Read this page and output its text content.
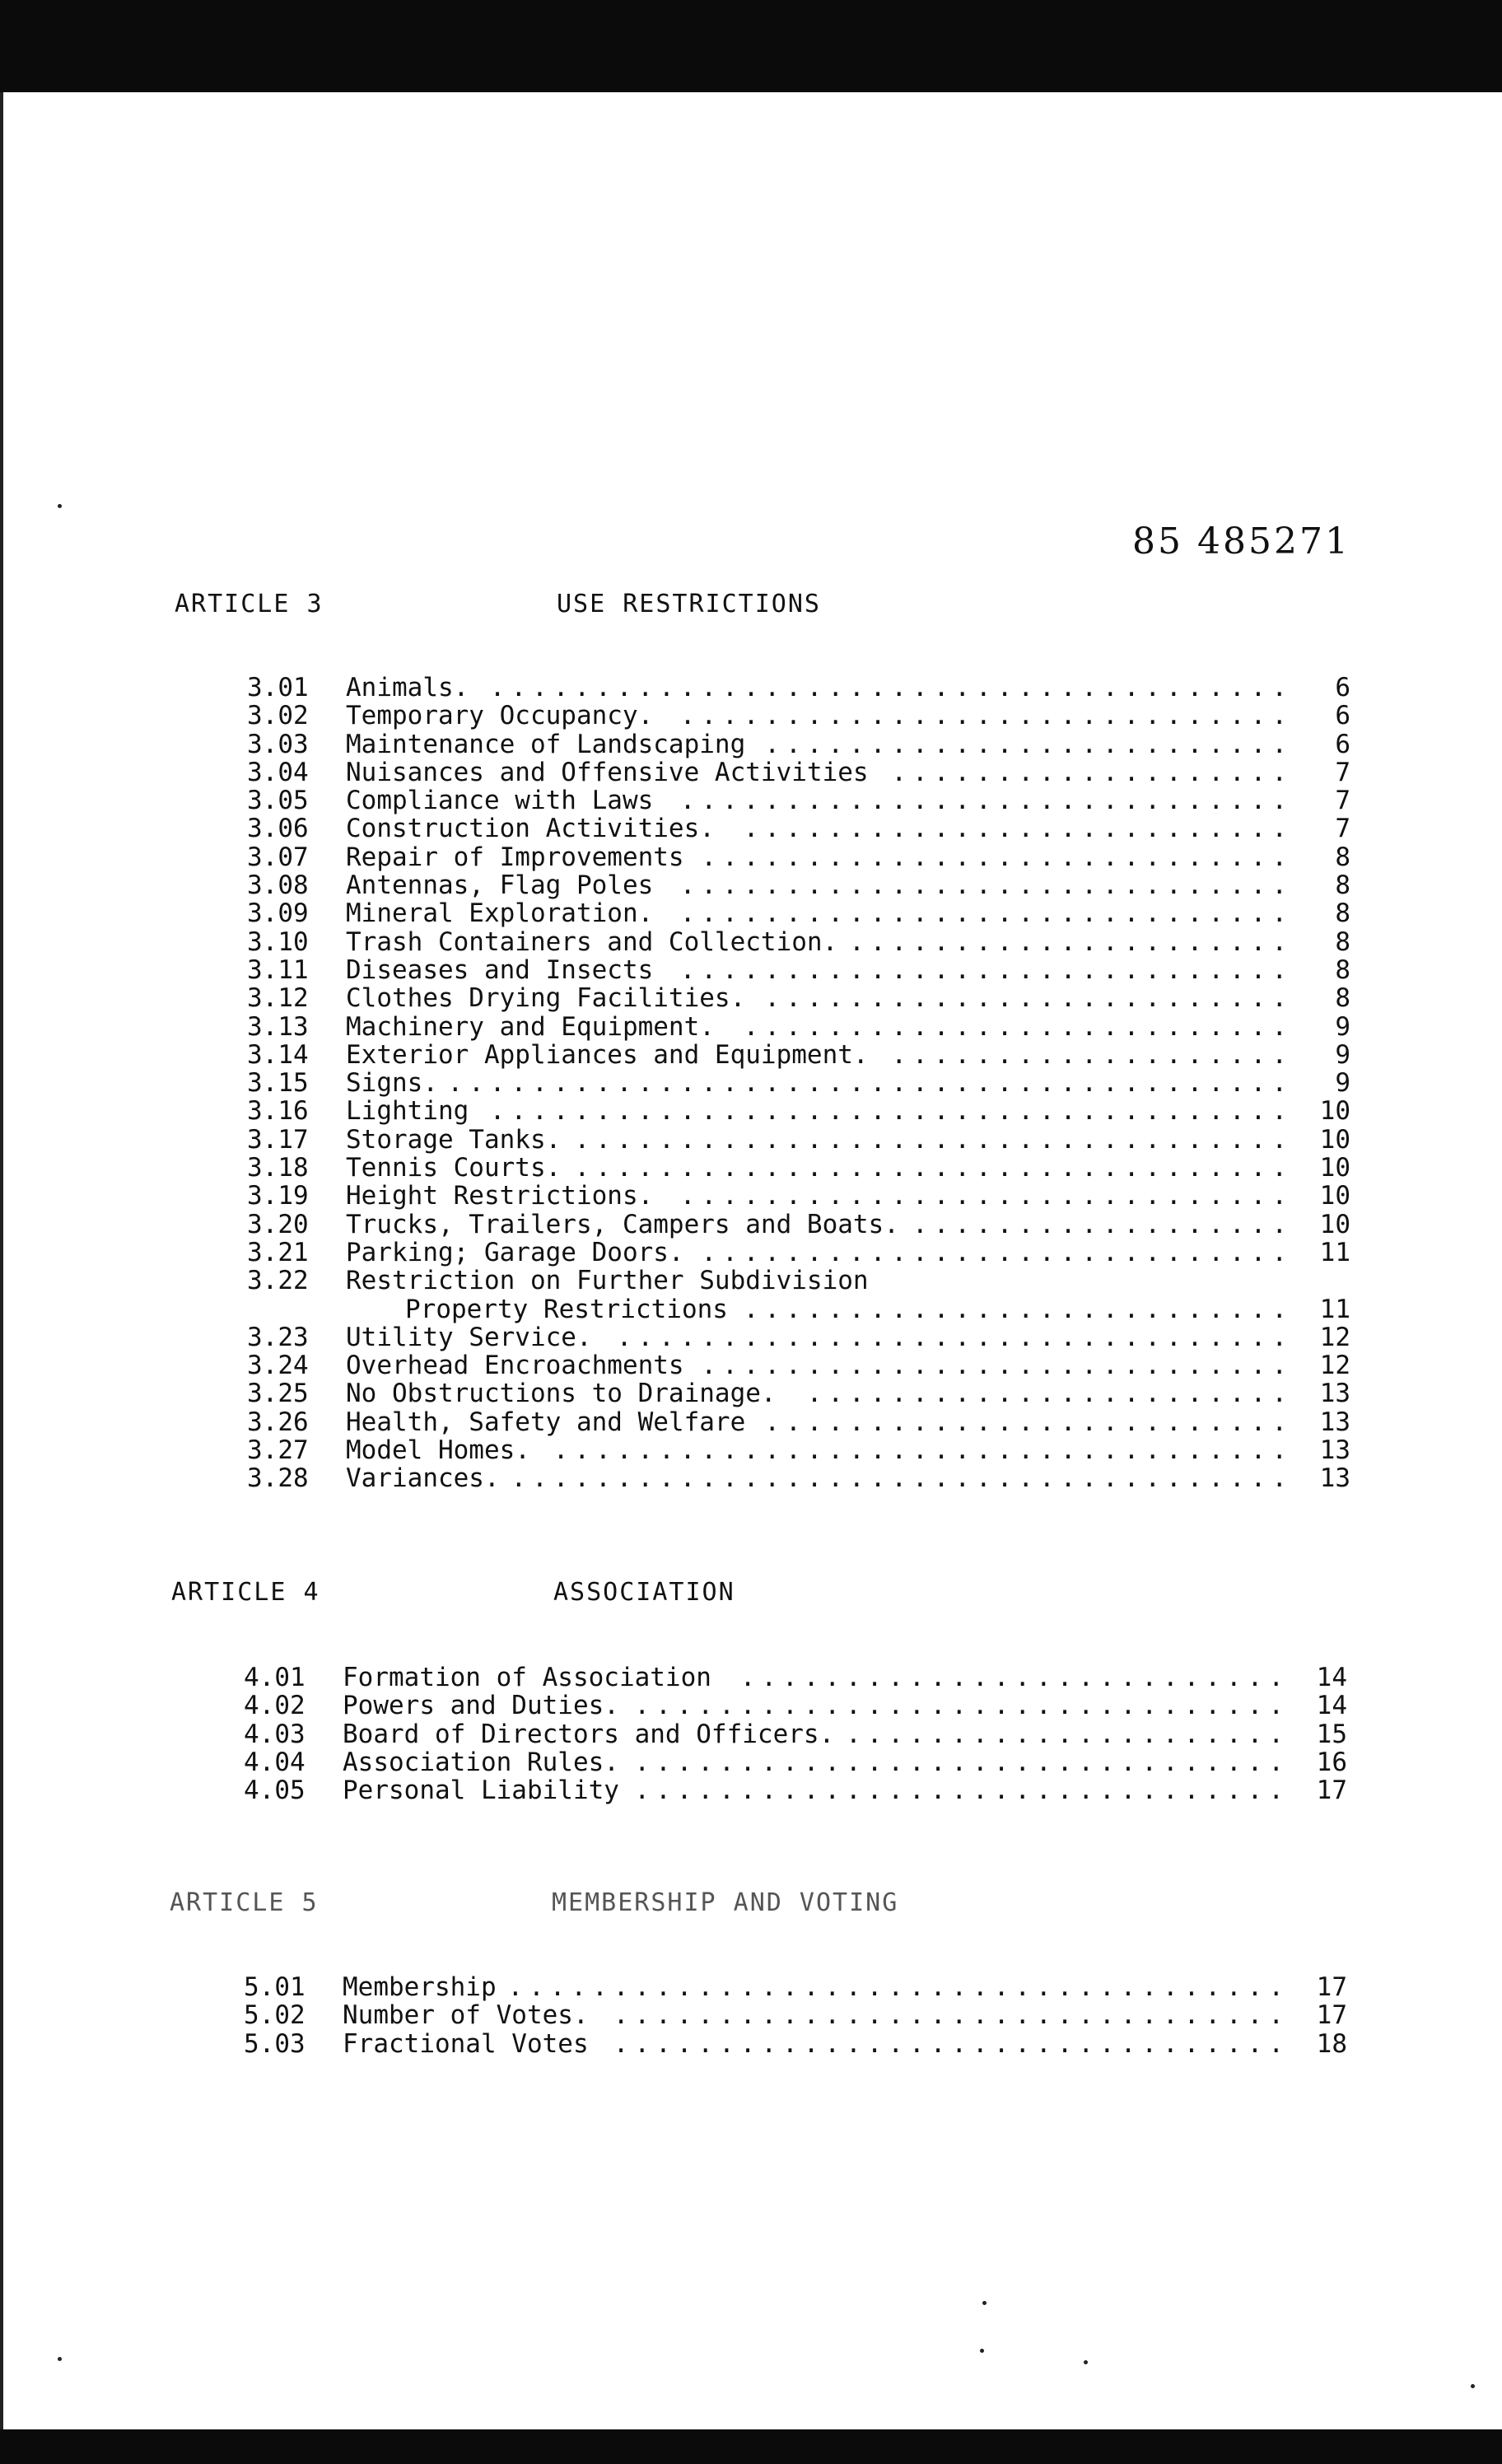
85 485271
ARTICLE 3	USE RESTRICTIONS
3.01 Animals. ......................................	6
3.02 Temporary Occupancy. .............................	6
3.03 Maintenance of Landscaping .........................	6
3.04 Nuisances and Offensive Activities ...................	7
3.05 Compliance with Laws .............................	7
3.06 Construction Activities. ..........................	7
3.07 Repair of Improvements ............................	8
3.08 Antennas, Flag Poles .............................	8
3.09 Mineral Exploration. .............................	8
3.10 Trash Containers and Collection. .....................	8
3.11 Diseases and Insects .............................	8
3.12 Clothes Drying Facilities. .........................	8
3.13 Machinery and Equipment. ..........................	9
3.14 Exterior Appliances and Equipment. ...................	9
3.15 Signs. ........................................	9
3.16 Lighting ......................................	10
3.17 Storage Tanks. ..................................	10
3.18 Tennis Courts. ..................................	10
3.19 Height Restrictions. .............................	10
3.20 Trucks, Trailers, Campers and Boats. ..................	10
3.21 Parking; Garage Doors. ............................	11
3.22 Restriction on Further Subdivision
Property Restrictions ..........................	11
3.23 Utility Service. ................................	12
3.24 Overhead Encroachments ............................	12
3.25 No Obstructions to Drainage. .......................	13
3.26 Health, Safety and Welfare .........................	13
3.27 Model Homes. ...................................	13
3.28 Variances. .....................................	13
ARTICLE 4	ASSOCIATION
4.01 Formation of Association ..........................	14
4.02 Powers and Duties. ...............................	14
4.03 Board of Directors and Officers. .....................	15
4.04 Association Rules. ...............................	16
4.05 Personal Liability ...............................	17
ARTICLE 5	MEMBERSHIP AND VOTING
5.01 Membership .....................................	17
5.02 Number of Votes. ................................	17
5.03 Fractional Votes ................................	18
